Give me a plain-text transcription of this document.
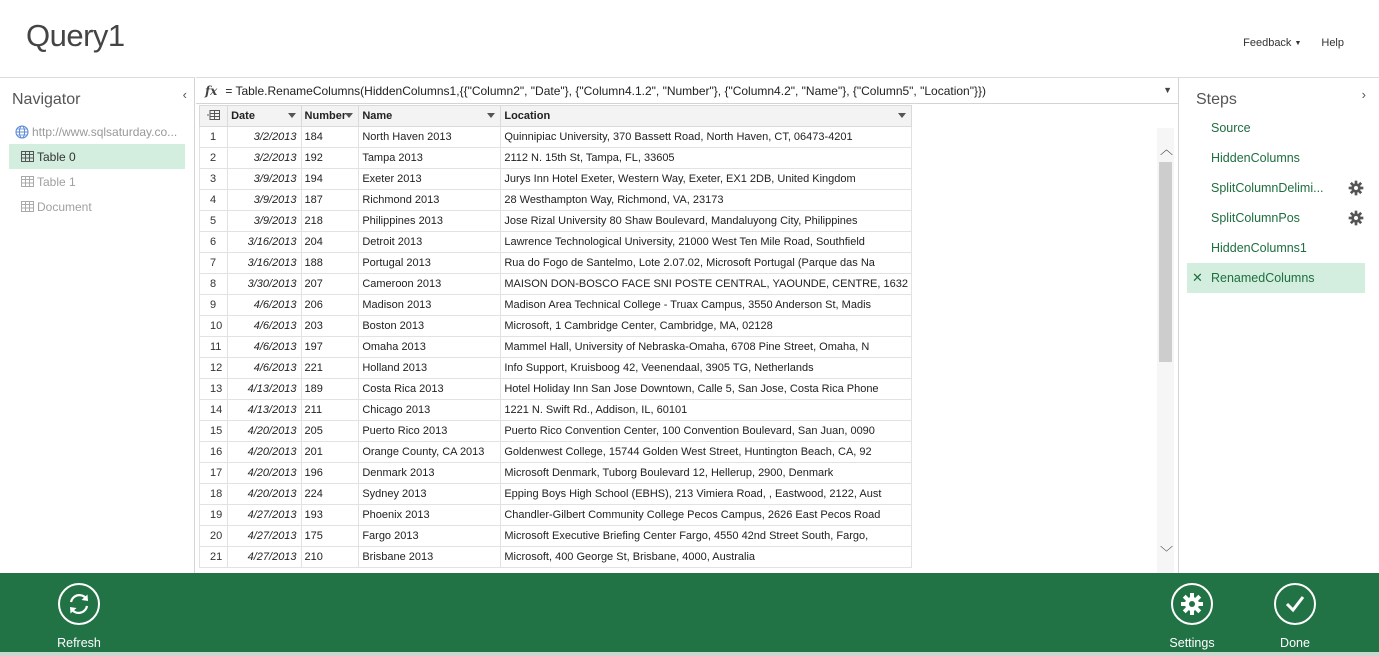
Query1	Feedback ▼ Help
Navigator	‹
http://www.sqlsaturday.co...
Table 0
Table 1
Document
fx = Table.RenameColumns(HiddenColumns1,{{"Column2", "Date"}, {"Column4.1.2", "Number"}, {"Column4.2", "Name"}, {"Column5", "Location"}})	▼
	Date	Number	Name	Location

1	3/2/2013	184	North Haven 2013	Quinnipiac University, 370 Bassett Road, North Haven, CT, 06473-4201
2	3/2/2013	192	Tampa 2013	2112 N. 15th St, Tampa, FL, 33605
3	3/9/2013	194	Exeter 2013	Jurys Inn Hotel Exeter, Western Way, Exeter, EX1 2DB, United Kingdom
4	3/9/2013	187	Richmond 2013	28 Westhampton Way, Richmond, VA, 23173
5	3/9/2013	218	Philippines 2013	Jose Rizal University 80 Shaw Boulevard, Mandaluyong City, Philippines
6	3/16/2013	204	Detroit 2013	Lawrence Technological University, 21000 West Ten Mile Road, Southfield
7	3/16/2013	188	Portugal 2013	Rua do Fogo de Santelmo, Lote 2.07.02, Microsoft Portugal (Parque das Na
8	3/30/2013	207	Cameroon 2013	MAISON DON-BOSCO FACE SNI POSTE CENTRAL, YAOUNDE, CENTRE, 1632
9	4/6/2013	206	Madison 2013	Madison Area Technical College - Truax Campus, 3550 Anderson St, Madis
10	4/6/2013	203	Boston 2013	Microsoft, 1 Cambridge Center, Cambridge, MA, 02128
11	4/6/2013	197	Omaha 2013	Mammel Hall, University of Nebraska-Omaha, 6708 Pine Street, Omaha, N
12	4/6/2013	221	Holland 2013	Info Support, Kruisboog 42, Veenendaal, 3905 TG, Netherlands
13	4/13/2013	189	Costa Rica 2013	Hotel Holiday Inn San Jose Downtown, Calle 5, San Jose, Costa Rica Phone
14	4/13/2013	211	Chicago 2013	1221 N. Swift Rd., Addison, IL, 60101
15	4/20/2013	205	Puerto Rico 2013	Puerto Rico Convention Center, 100 Convention Boulevard, San Juan, 0090
16	4/20/2013	201	Orange County, CA 2013	Goldenwest College, 15744 Golden West Street, Huntington Beach, CA, 92
17	4/20/2013	196	Denmark 2013	Microsoft Denmark, Tuborg Boulevard 12, Hellerup, 2900, Denmark
18	4/20/2013	224	Sydney 2013	Epping Boys High School (EBHS), 213 Vimiera Road, , Eastwood, 2122, Aust
19	4/27/2013	193	Phoenix 2013	Chandler-Gilbert Community College Pecos Campus, 2626 East Pecos Road
20	4/27/2013	175	Fargo 2013	Microsoft Executive Briefing Center Fargo, 4550 42nd Street South, Fargo,
21	4/27/2013	210	Brisbane 2013	Microsoft, 400 George St, Brisbane, 4000, Australia
︿
﹀
Steps	›
Source
HiddenColumns
SplitColumnDelimi...
SplitColumnPos
HiddenColumns1
✕ RenamedColumns
Refresh	Settings	Done
